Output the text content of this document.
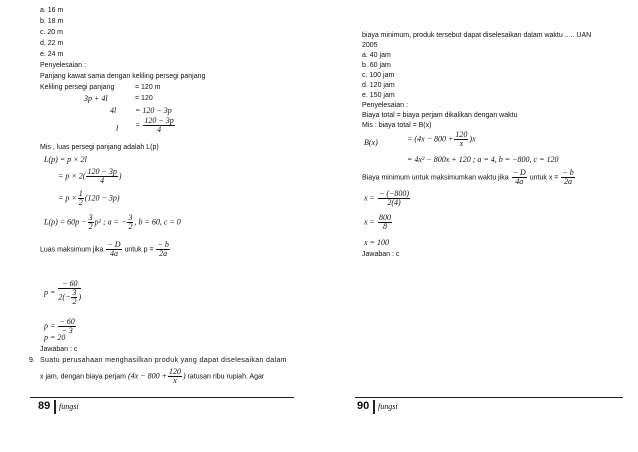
a. 16 m
b. 18 m
c. 20 m
d. 22 m
e. 24 m
Penyelesaian :
Panjang kawat sama dengan keliling persegi panjang
Keliling persegi panjang	= 120 m
3p + 4l	= 120
4l = 120 − 3p
$l = \frac{120 - 3p}{4}$
Mis , luas persegi panjang adalah L(p)
L(p) = p × 2l
= $p \times 2( \frac{120 - 3p}{4}$ )
= $p \times \frac{1}{2} (120 - 3p)$
$L(p) = 60p - \frac{3}{2} p^2$ ; a = − $\frac{3}{2}$ , b = 60, c = 0
Luas maksimum jika $\frac{- D}{4a}$ untuk $p = \frac{- b}{2a}$
$p = \frac{- 60}{2(- \frac{3}{2} )}$
$p = \frac{- 60}{- 3}$
p = 20
Jawaban : c
9. Suatu perusahaan menghasilkan produk yang dapat diselesaikan dalam
x jam, dengan biaya perjam ($4x - 800 + \frac{120}{x}$ ) ratusan ribu rupiah. Agar
89 fungsi
biaya minimum, produk tersebut dapat diselesaikan dalam waktu ..... UAN
2005
a. 40 jam
b. 60 jam
c. 100 jam
d. 120 jam
e. 150 jam
Penyelesaian :
Biaya total = biaya perjam dikalikan dengan waktu
Mis : biaya total = B(x)
B(x)	= $(4x - 800 + \frac{120}{x} )x$
= 4x² − 800x + 120 ; a = 4, b = −800, c = 120
Biaya minimum untuk maksimumkan waktu jika $\frac{- D}{4a}$ untuk $x = \frac{- b}{2a}$
$x = \frac{- (-800)}{2(4)}$
$x = \frac{800}{8}$
x = 100
Jawaban : c
90 fungsi
